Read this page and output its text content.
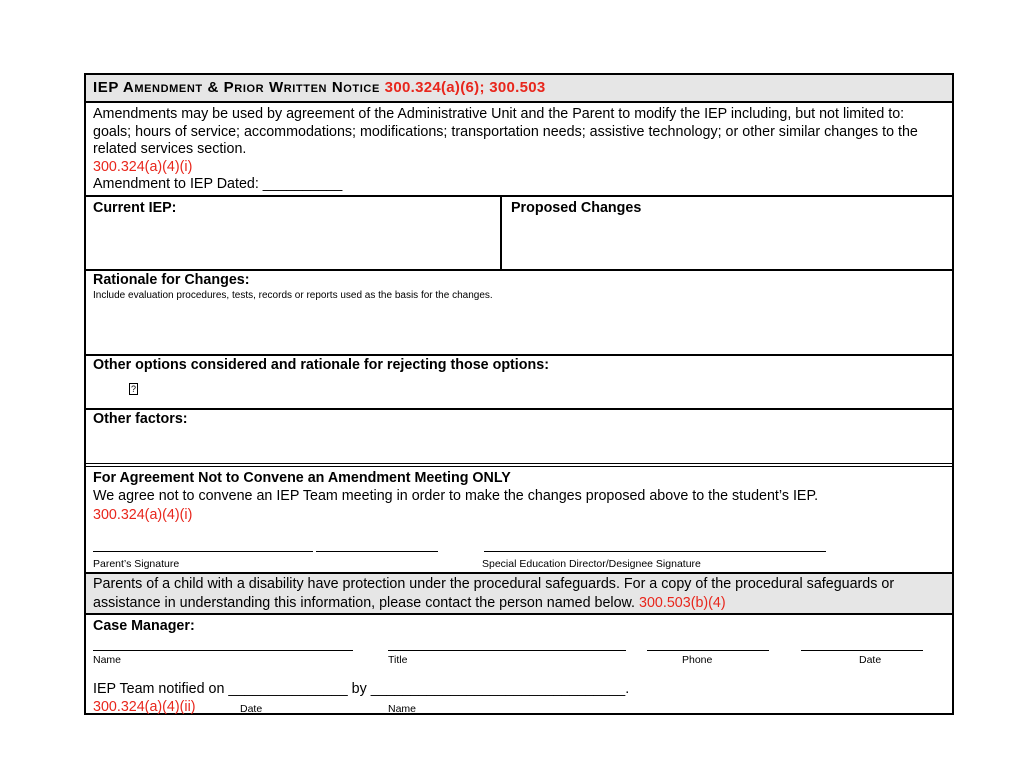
IEP Amendment & Prior Written Notice 300.324(a)(6); 300.503

Amendments may be used by agreement of the Administrative Unit and the Parent to modify the IEP including, but not limited to: goals; hours of service; accommodations; modifications; transportation needs; assistive technology; or other similar changes to the related services section.

300.324(a)(4)(i)

Amendment to IEP Dated: __________

Current IEP:	Proposed Changes
Rationale for Changes:
Include evaluation procedures, tests, records or reports used as the basis for the changes.
Other options considered and rationale for rejecting those options:
?
Other factors:
For Agreement Not to Convene an Amendment Meeting ONLY
We agree not to convene an IEP Team meeting in order to make the changes proposed above to the student’s IEP.
300.324(a)(4)(i)
Parent’s Signature	Special Education Director/Designee Signature

Parents of a child with a disability have protection under the procedural safeguards. For a copy of the procedural safeguards or assistance in understanding this information, please contact the person named below. 300.503(b)(4)

Case Manager:
Name	Title	Phone	Date
IEP Team notified on _______________ by ________________________________.
300.324(a)(4)(ii)	Date	Name
